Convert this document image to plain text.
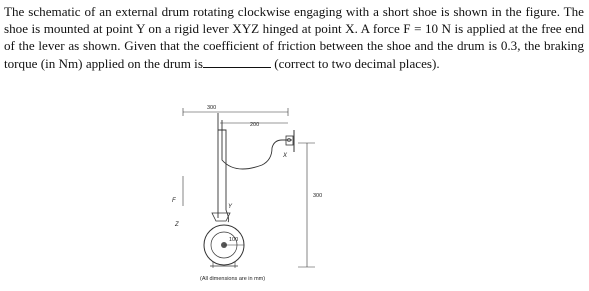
The schematic of an external drum rotating clockwise engaging with a short shoe is shown in the figure. The shoe is mounted at point Y on a rigid lever XYZ hinged at point X. A force F = 10 N is applied at the free end of the lever as shown. Given that the coefficient of friction between the shoe and the drum is 0.3, the braking torque (in Nm) applied on the drum is	(correct to two decimal places).

300
200
300
100
F
Y
Z
X
(All dimensions are in mm)
